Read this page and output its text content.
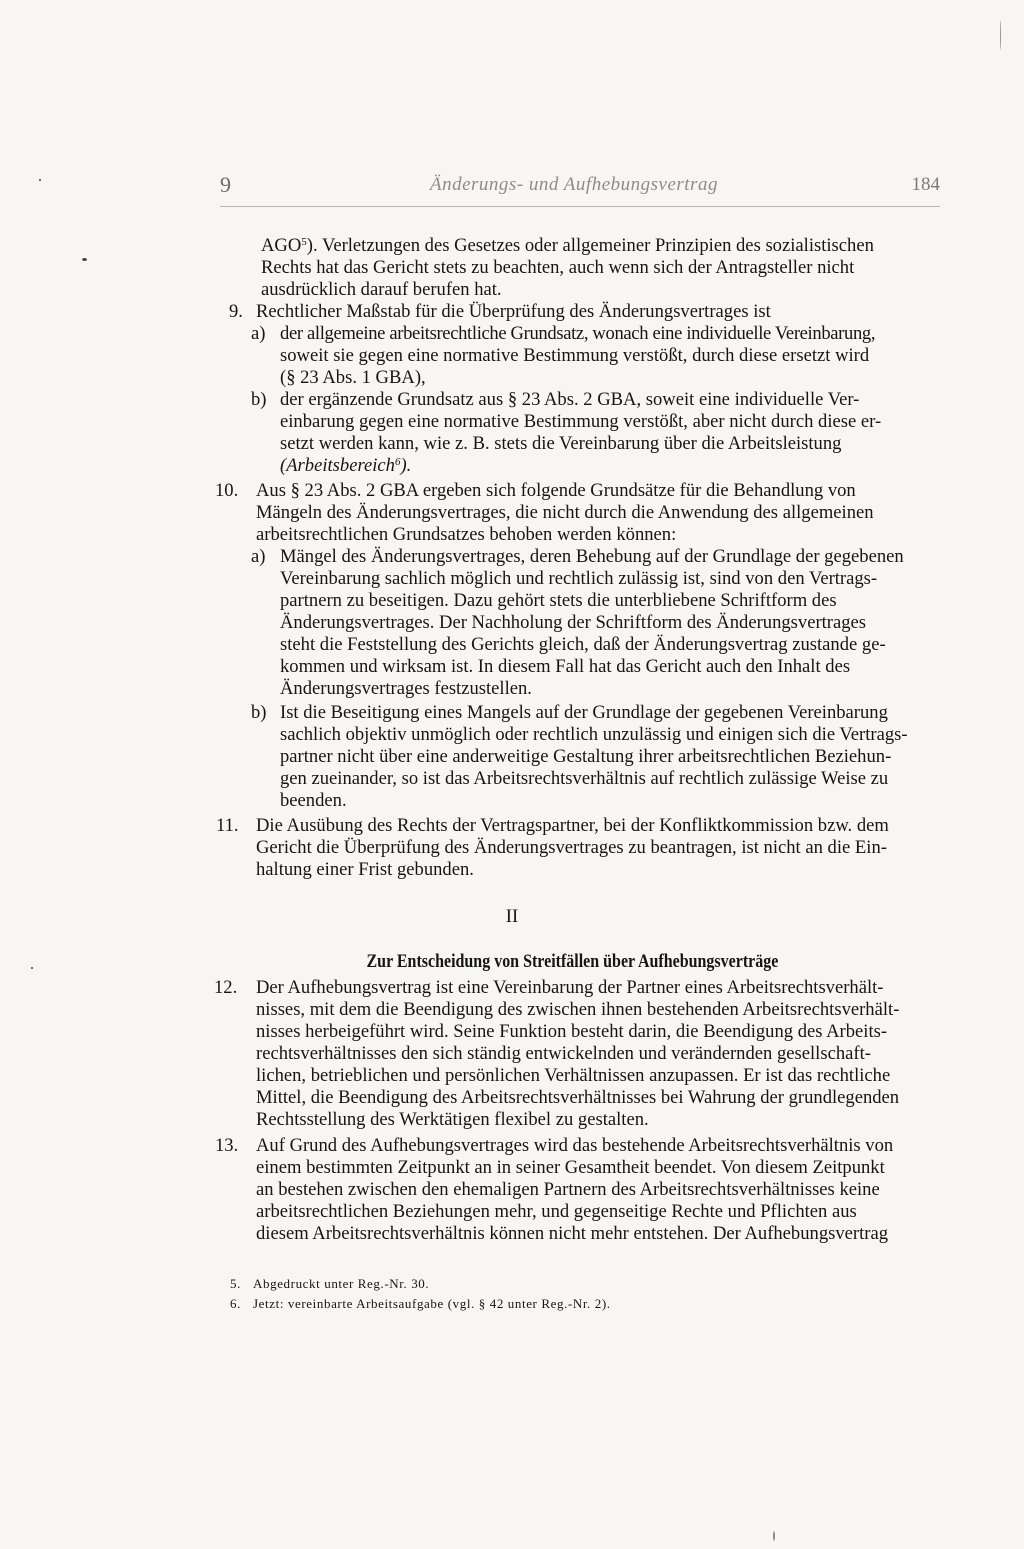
9	Änderungs- und Aufhebungsvertrag	184
AGO$^5$). Verletzungen des Gesetzes oder allgemeiner Prinzipien des sozialistischen
Rechts hat das Gericht stets zu beachten, auch wenn sich der Antragsteller nicht
ausdrücklich darauf berufen hat.
9. Rechtlicher Maßstab für die Überprüfung des Änderungsvertrages ist
a) der allgemeine arbeitsrechtliche Grundsatz, wonach eine individuelle Vereinbarung,
soweit sie gegen eine normative Bestimmung verstößt, durch diese ersetzt wird
(§ 23 Abs. 1 GBA),
b) der ergänzende Grundsatz aus § 23 Abs. 2 GBA, soweit eine individuelle Ver-
einbarung gegen eine normative Bestimmung verstößt, aber nicht durch diese er-
setzt werden kann, wie z. B. stets die Vereinbarung über die Arbeitsleistung
(Arbeitsbereich$^6$).
10. Aus § 23 Abs. 2 GBA ergeben sich folgende Grundsätze für die Behandlung von
Mängeln des Änderungsvertrages, die nicht durch die Anwendung des allgemeinen
arbeitsrechtlichen Grundsatzes behoben werden können:
a) Mängel des Änderungsvertrages, deren Behebung auf der Grundlage der gegebenen
Vereinbarung sachlich möglich und rechtlich zulässig ist, sind von den Vertrags-
partnern zu beseitigen. Dazu gehört stets die unterbliebene Schriftform des
Änderungsvertrages. Der Nachholung der Schriftform des Änderungsvertrages
steht die Feststellung des Gerichts gleich, daß der Änderungsvertrag zustande ge-
kommen und wirksam ist. In diesem Fall hat das Gericht auch den Inhalt des
Änderungsvertrages festzustellen.
b) Ist die Beseitigung eines Mangels auf der Grundlage der gegebenen Vereinbarung
sachlich objektiv unmöglich oder rechtlich unzulässig und einigen sich die Vertrags-
partner nicht über eine anderweitige Gestaltung ihrer arbeitsrechtlichen Beziehun-
gen zueinander, so ist das Arbeitsrechtsverhältnis auf rechtlich zulässige Weise zu
beenden.
11. Die Ausübung des Rechts der Vertragspartner, bei der Konfliktkommission bzw. dem
Gericht die Überprüfung des Änderungsvertrages zu beantragen, ist nicht an die Ein-
haltung einer Frist gebunden.
II
Zur Entscheidung von Streitfällen über Aufhebungsverträge
12. Der Aufhebungsvertrag ist eine Vereinbarung der Partner eines Arbeitsrechtsverhält-
nisses, mit dem die Beendigung des zwischen ihnen bestehenden Arbeitsrechtsverhält-
nisses herbeigeführt wird. Seine Funktion besteht darin, die Beendigung des Arbeits-
rechtsverhältnisses den sich ständig entwickelnden und verändernden gesellschaft-
lichen, betrieblichen und persönlichen Verhältnissen anzupassen. Er ist das rechtliche
Mittel, die Beendigung des Arbeitsrechtsverhältnisses bei Wahrung der grundlegenden
Rechtsstellung des Werktätigen flexibel zu gestalten.
13. Auf Grund des Aufhebungsvertrages wird das bestehende Arbeitsrechtsverhältnis von
einem bestimmten Zeitpunkt an in seiner Gesamtheit beendet. Von diesem Zeitpunkt
an bestehen zwischen den ehemaligen Partnern des Arbeitsrechtsverhältnisses keine
arbeitsrechtlichen Beziehungen mehr, und gegenseitige Rechte und Pflichten aus
diesem Arbeitsrechtsverhältnis können nicht mehr entstehen. Der Aufhebungsvertrag
5. Abgedruckt unter Reg.-Nr. 30.
6. Jetzt: vereinbarte Arbeitsaufgabe (vgl. § 42 unter Reg.-Nr. 2).
